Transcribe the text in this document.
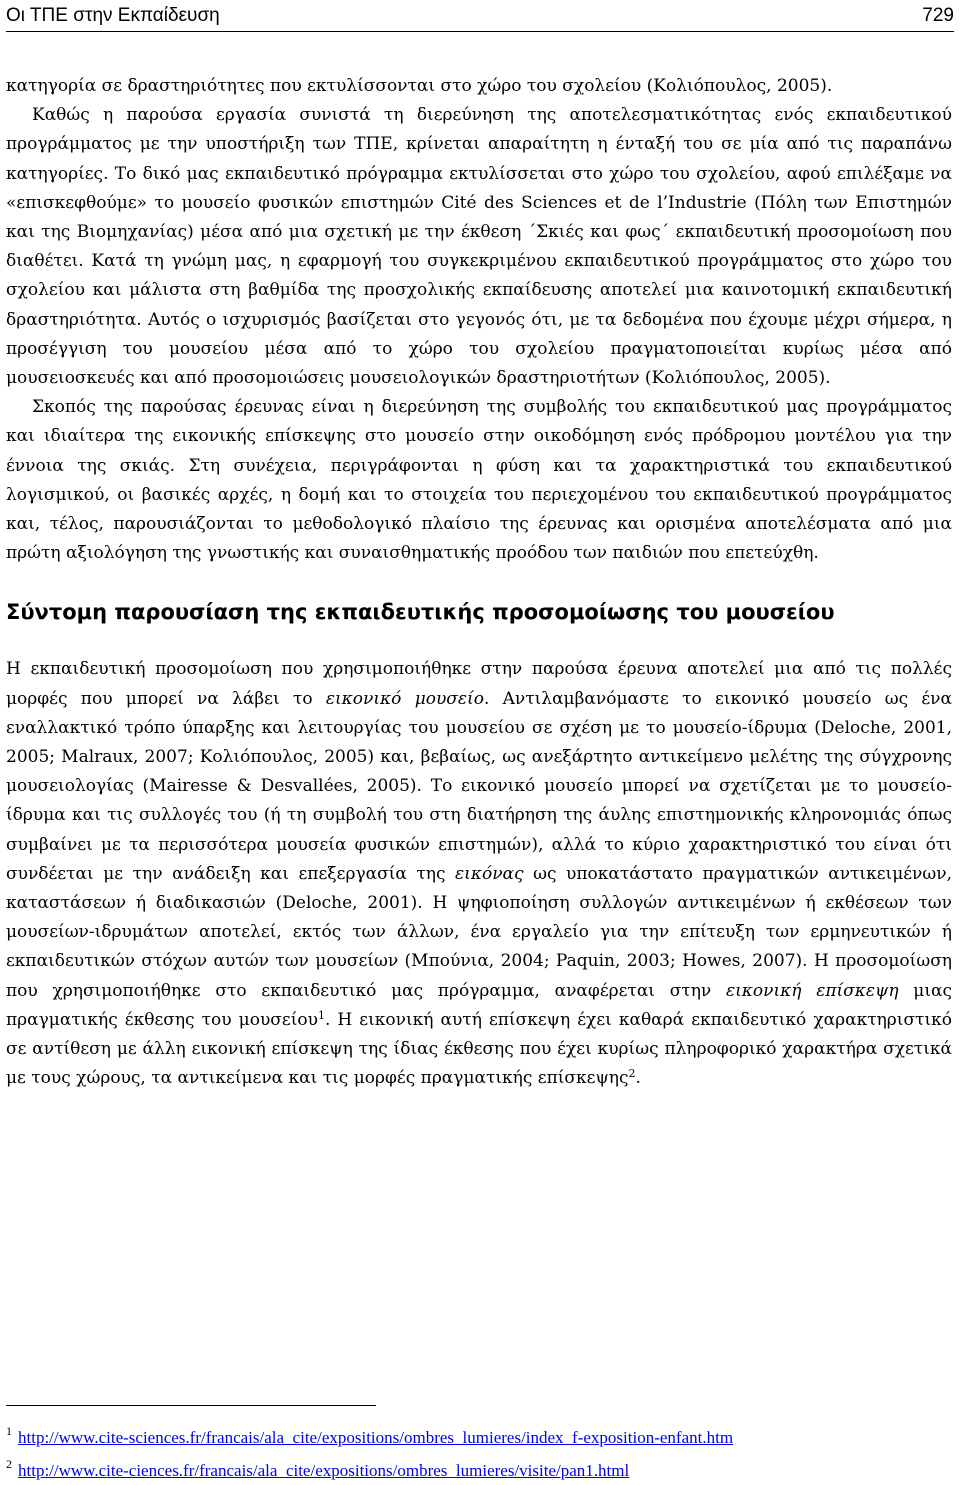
Οι ΤΠΕ στην Εκπαίδευση	729

κατηγορία σε δραστηριότητες που εκτυλίσσονται στο χώρο του σχολείου (Κολιόπουλος, 2005).

Καθώς η παρούσα εργασία συνιστά τη διερεύνηση της αποτελεσματικότητας ενός εκπαιδευτικού προγράμματος με την υποστήριξη των ΤΠΕ, κρίνεται απαραίτητη η ένταξή του σε μία από τις παραπάνω κατηγορίες. Το δικό μας εκπαιδευτικό πρόγραμμα εκτυλίσσεται στο χώρο του σχολείου, αφού επιλέξαμε να «επισκεφθούμε» το μουσείο φυσικών επιστημών Cité des Sciences et de l’Industrie (Πόλη των Επιστημών και της Βιομηχανίας) μέσα από μια σχετική με την έκθεση ΄Σκιές και φως΄ εκπαιδευτική προσομοίωση που διαθέτει. Κατά τη γνώμη μας, η εφαρμογή του συγκεκριμένου εκπαιδευτικού προγράμματος στο χώρο του σχολείου και μάλιστα στη βαθμίδα της προσχολικής εκπαίδευσης αποτελεί μια καινοτομική εκπαιδευτική δραστηριότητα. Αυτός ο ισχυρισμός βασίζεται στο γεγονός ότι, με τα δεδομένα που έχουμε μέχρι σήμερα, η προσέγγιση του μουσείου μέσα από το χώρο του σχολείου πραγματοποιείται κυρίως μέσα από μουσειοσκευές και από προσομοιώσεις μουσειολογικών δραστηριοτήτων (Κολιόπουλος, 2005).

Σκοπός της παρούσας έρευνας είναι η διερεύνηση της συμβολής του εκπαιδευτικού μας προγράμματος και ιδιαίτερα της εικονικής επίσκεψης στο μουσείο στην οικοδόμηση ενός πρόδρομου μοντέλου για την έννοια της σκιάς. Στη συνέχεια, περιγράφονται η φύση και τα χαρακτηριστικά του εκπαιδευτικού λογισμικού, οι βασικές αρχές, η δομή και το στοιχεία του περιεχομένου του εκπαιδευτικού προγράμματος και, τέλος, παρουσιάζονται το μεθοδολογικό πλαίσιο της έρευνας και ορισμένα αποτελέσματα από μια πρώτη αξιολόγηση της γνωστικής και συναισθηματικής προόδου των παιδιών που επετεύχθη.

Σύντομη παρουσίαση της εκπαιδευτικής προσομοίωσης του μουσείου

Η εκπαιδευτική προσομοίωση που χρησιμοποιήθηκε στην παρούσα έρευνα αποτελεί μια από τις πολλές μορφές που μπορεί να λάβει το εικονικό μουσείο. Αντιλαμβανόμαστε το εικονικό μουσείο ως ένα εναλλακτικό τρόπο ύπαρξης και λειτουργίας του μουσείου σε σχέση με το μουσείο-ίδρυμα (Deloche, 2001, 2005; Malraux, 2007; Κολιόπουλος, 2005) και, βεβαίως, ως ανεξάρτητο αντικείμενο μελέτης της σύγχρονης μουσειολογίας (Mairesse & Desvallées, 2005). Το εικονικό μουσείο μπορεί να σχετίζεται με το μουσείο-ίδρυμα και τις συλλογές του (ή τη συμβολή του στη διατήρηση της άυλης επιστημονικής κληρονομιάς όπως συμβαίνει με τα περισσότερα μουσεία φυσικών επιστημών), αλλά το κύριο χαρακτηριστικό του είναι ότι συνδέεται με την ανάδειξη και επεξεργασία της εικόνας ως υποκατάστατο πραγματικών αντικειμένων, καταστάσεων ή διαδικασιών (Deloche, 2001). Η ψηφιοποίηση συλλογών αντικειμένων ή εκθέσεων των μουσείων-ιδρυμάτων αποτελεί, εκτός των άλλων, ένα εργαλείο για την επίτευξη των ερμηνευτικών ή εκπαιδευτικών στόχων αυτών των μουσείων (Μπούνια, 2004; Paquin, 2003; Howes, 2007). Η προσομοίωση που χρησιμοποιήθηκε στο εκπαιδευτικό μας πρόγραμμα, αναφέρεται στην εικονική επίσκεψη μιας πραγματικής έκθεσης του μουσείου$^1$. Η εικονική αυτή επίσκεψη έχει καθαρά εκπαιδευτικό χαρακτηριστικό σε αντίθεση με άλλη εικονική επίσκεψη της ίδιας έκθεσης που έχει κυρίως πληροφορικό χαρακτήρα σχετικά με τους χώρους, τα αντικείμενα και τις μορφές πραγματικής επίσκεψης$^2$.

$^1$ http://www.cite-sciences.fr/francais/ala_cite/expositions/ombres_lumieres/index_f-exposition-enfant.htm
$^2$ http://www.cite-ciences.fr/francais/ala_cite/expositions/ombres_lumieres/visite/pan1.html
